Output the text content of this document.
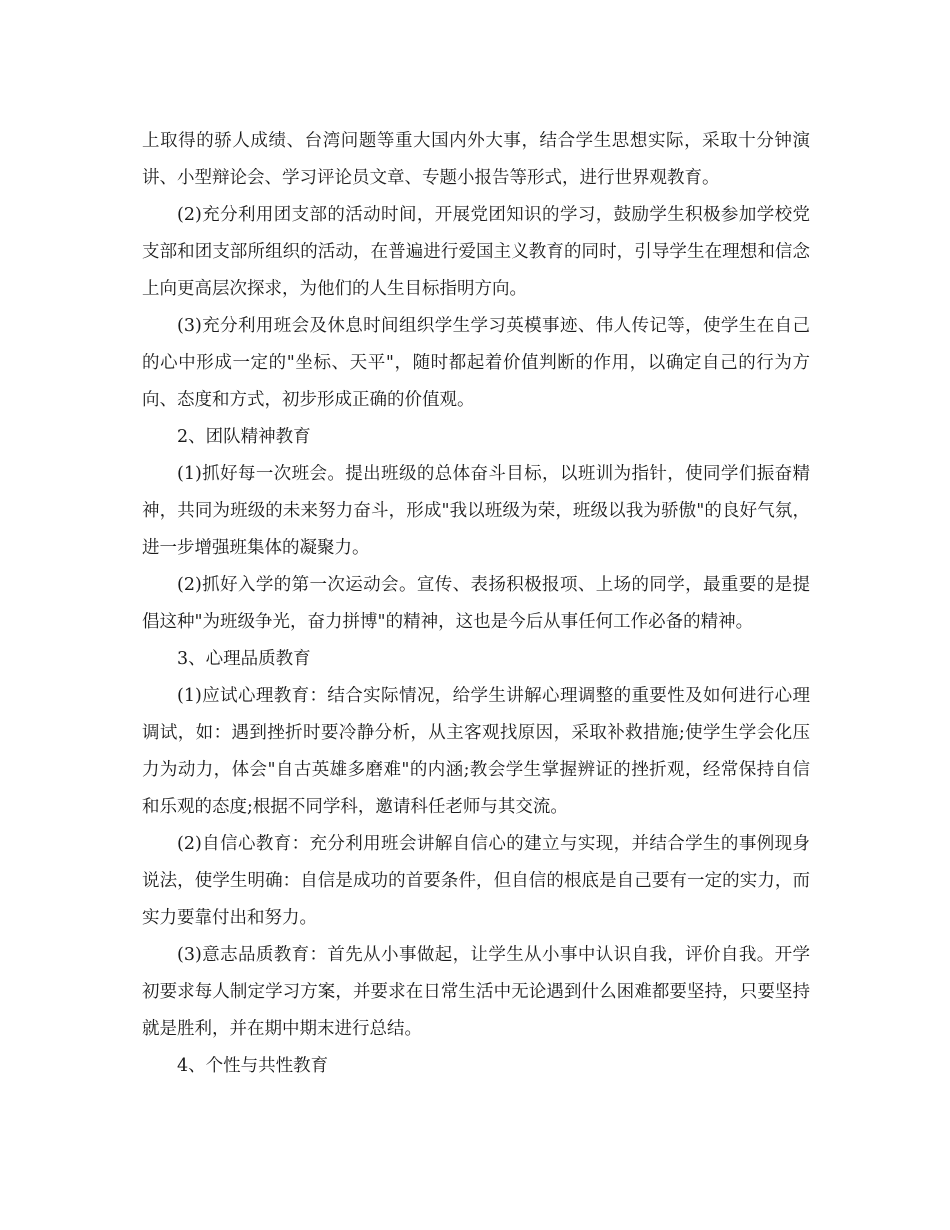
上取得的骄人成绩、台湾问题等重大国内外大事，结合学生思想实际，采取十分钟演讲、小型辩论会、学习评论员文章、专题小报告等形式，进行世界观教育。

(2)充分利用团支部的活动时间，开展党团知识的学习，鼓励学生积极参加学校党支部和团支部所组织的活动，在普遍进行爱国主义教育的同时，引导学生在理想和信念上向更高层次探求，为他们的人生目标指明方向。

(3)充分利用班会及休息时间组织学生学习英模事迹、伟人传记等，使学生在自己的心中形成一定的"坐标、天平"，随时都起着价值判断的作用，以确定自己的行为方向、态度和方式，初步形成正确的价值观。

2、团队精神教育

(1)抓好每一次班会。提出班级的总体奋斗目标，以班训为指针，使同学们振奋精神，共同为班级的未来努力奋斗，形成"我以班级为荣，班级以我为骄傲"的良好气氛，进一步增强班集体的凝聚力。

(2)抓好入学的第一次运动会。宣传、表扬积极报项、上场的同学，最重要的是提倡这种"为班级争光，奋力拼博"的精神，这也是今后从事任何工作必备的精神。

3、心理品质教育

(1)应试心理教育：结合实际情况，给学生讲解心理调整的重要性及如何进行心理调试，如：遇到挫折时要冷静分析，从主客观找原因，采取补救措施;使学生学会化压力为动力，体会"自古英雄多磨难"的内涵;教会学生掌握辨证的挫折观，经常保持自信和乐观的态度;根据不同学科，邀请科任老师与其交流。

(2)自信心教育：充分利用班会讲解自信心的建立与实现，并结合学生的事例现身说法，使学生明确：自信是成功的首要条件，但自信的根底是自己要有一定的实力，而实力要靠付出和努力。

(3)意志品质教育：首先从小事做起，让学生从小事中认识自我，评价自我。开学初要求每人制定学习方案，并要求在日常生活中无论遇到什么困难都要坚持，只要坚持就是胜利，并在期中期末进行总结。

4、个性与共性教育
